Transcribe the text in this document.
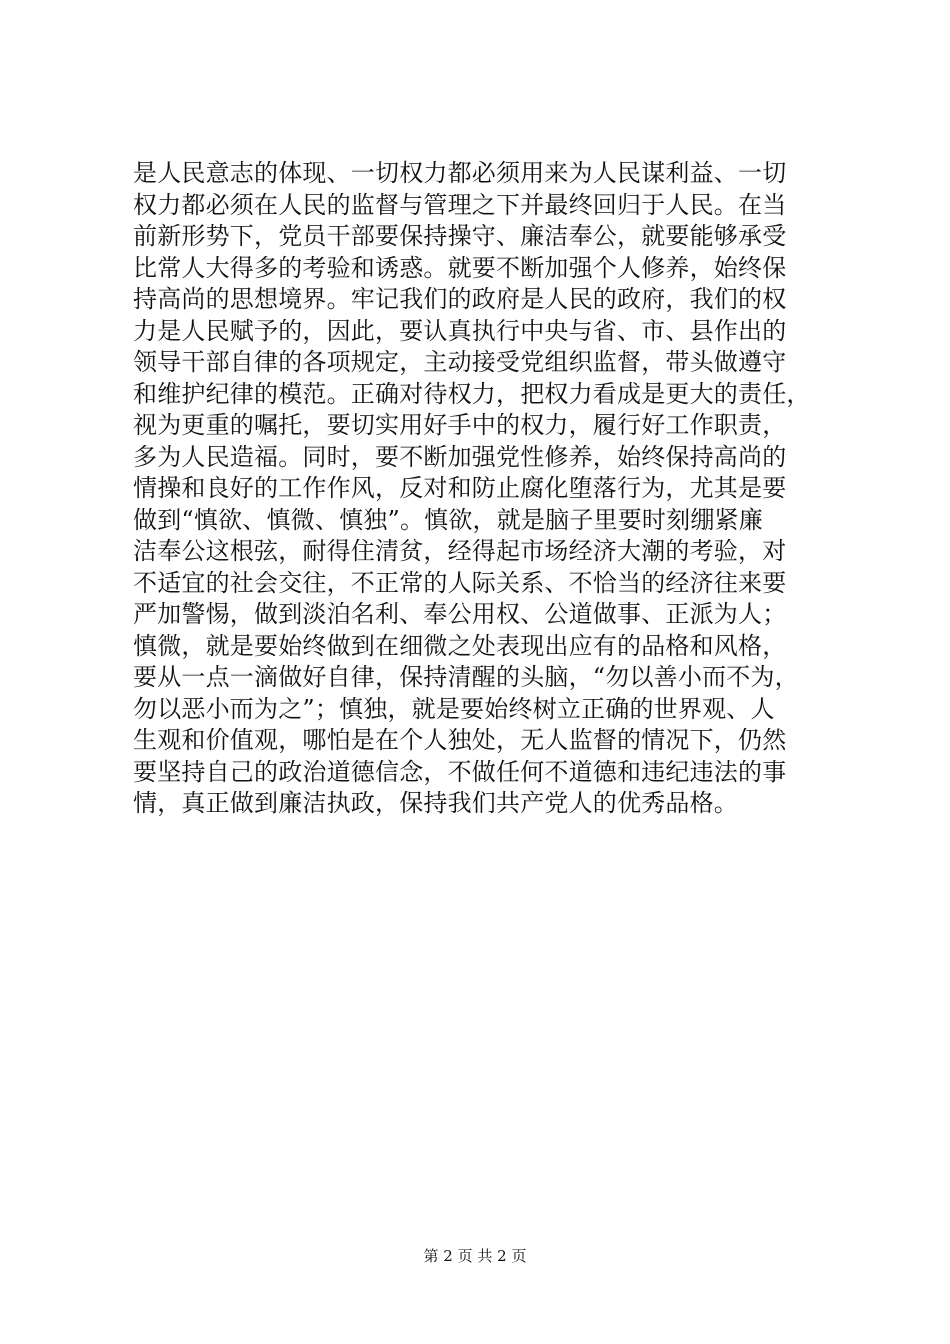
是人民意志的体现、一切权力都必须用来为人民谋利益、一切
权力都必须在人民的监督与管理之下并最终回归于人民。在当
前新形势下，党员干部要保持操守、廉洁奉公，就要能够承受
比常人大得多的考验和诱惑。就要不断加强个人修养，始终保
持高尚的思想境界。牢记我们的政府是人民的政府，我们的权
力是人民赋予的，因此，要认真执行中央与省、市、县作出的
领导干部自律的各项规定，主动接受党组织监督，带头做遵守
和维护纪律的模范。正确对待权力，把权力看成是更大的责任，
视为更重的嘱托，要切实用好手中的权力，履行好工作职责，
多为人民造福。同时，要不断加强党性修养，始终保持高尚的
情操和良好的工作作风，反对和防止腐化堕落行为，尤其是要
做到“慎欲、慎微、慎独”。慎欲，就是脑子里要时刻绷紧廉
洁奉公这根弦，耐得住清贫，经得起市场经济大潮的考验，对
不适宜的社会交往，不正常的人际关系、不恰当的经济往来要
严加警惕，做到淡泊名利、奉公用权、公道做事、正派为人；
慎微，就是要始终做到在细微之处表现出应有的品格和风格，
要从一点一滴做好自律，保持清醒的头脑，“勿以善小而不为，
勿以恶小而为之”；慎独，就是要始终树立正确的世界观、人
生观和价值观，哪怕是在个人独处，无人监督的情况下，仍然
要坚持自己的政治道德信念，不做任何不道德和违纪违法的事
情，真正做到廉洁执政，保持我们共产党人的优秀品格。
第 2 页 共 2 页
